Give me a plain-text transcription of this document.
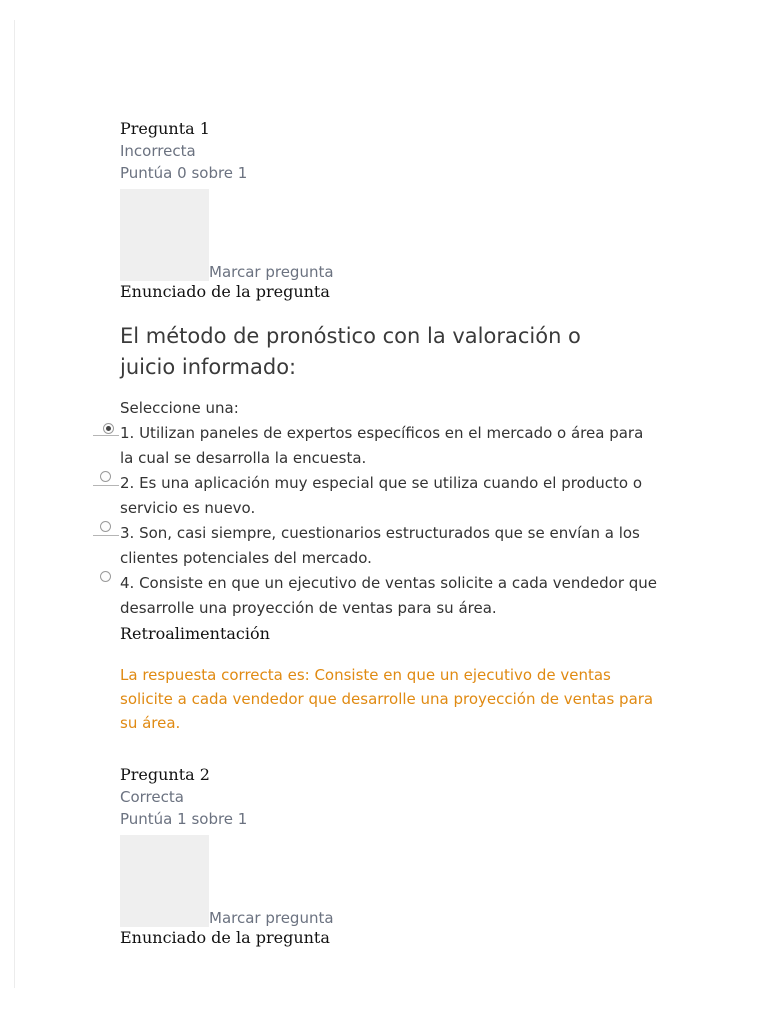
Pregunta 1
Incorrecta
Puntúa 0 sobre 1
Marcar pregunta
Enunciado de la pregunta
El método de pronóstico con la valoración o juicio informado:
Seleccione una:
1. Utilizan paneles de expertos específicos en el mercado o área para la cual se desarrolla la encuesta.
2. Es una aplicación muy especial que se utiliza cuando el producto o servicio es nuevo.
3. Son, casi siempre, cuestionarios estructurados que se envían a los clientes potenciales del mercado.
4. Consiste en que un ejecutivo de ventas solicite a cada vendedor que desarrolle una proyección de ventas para su área.
Retroalimentación
La respuesta correcta es: Consiste en que un ejecutivo de ventas solicite a cada vendedor que desarrolle una proyección de ventas para su área.
Pregunta 2
Correcta
Puntúa 1 sobre 1
Marcar pregunta
Enunciado de la pregunta
